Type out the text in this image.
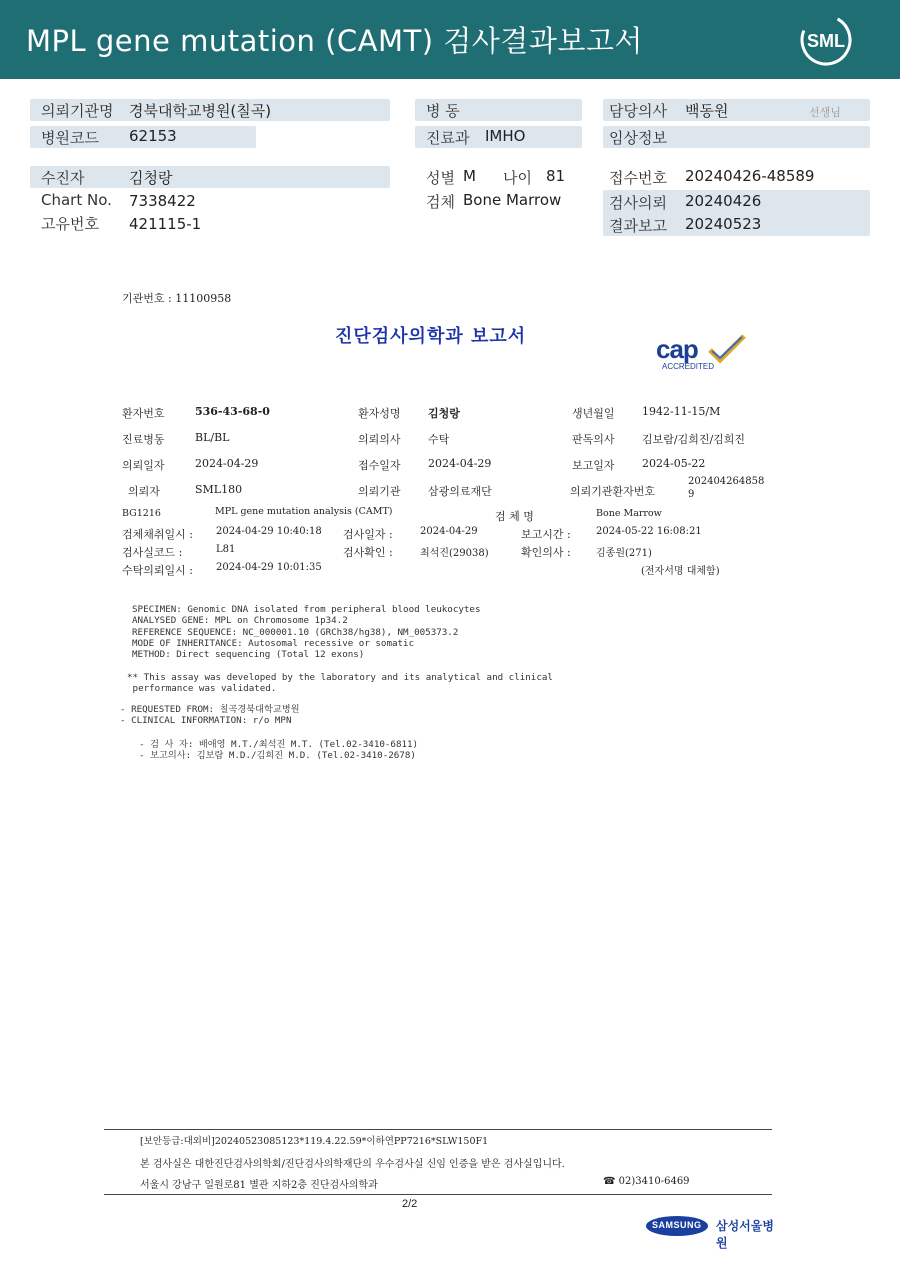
MPL gene mutation (CAMT) 검사결과보고서	SML
의뢰기관명 경북대학교병원(칠곡)	병 동	담당의사 백동원	선생님
병원코드 62153	진료과 IMHO	임상정보
수진자	김청랑	성별 M 나이 81	접수번호 20240426-48589
Chart No. 7338422	검체 Bone Marrow	검사의뢰 20240426
고유번호 421115-1	결과보고 20240523
기관번호 : 11100958
진단검사의학과 보고서	cap
ACCREDITED
환자번호	536-43-68-0	환자성명 김청랑	생년월일 1942-11-15/M
진료병동	BL/BL	의뢰의사 수탁	판독의사 김보람/김희진/김희진
의뢰일자	2024-04-29	접수일자 2024-04-29	보고일자 2024-05-22
의뢰자	SML180	의뢰기관 삼광의료재단	의뢰기관환자번호
202404264858
9
BG1216	MPL gene mutation analysis (CAMT)	검 체 명	Bone Marrow
검체채취일시 : 2024-04-29 10:40:18 검사일자 :	2024-04-29	보고시간 :	2024-05-22 16:08:21
검사실코드 :	L81	검사확인 :	최석진(29038)	확인의사 :	김종원(271)
수탁의뢰일시 : 2024-04-29 10:01:35	(전자서명 대체함)
SPECIMEN: Genomic DNA isolated from peripheral blood leukocytes
ANALYSED GENE: MPL on Chromosome 1p34.2
REFERENCE SEQUENCE: NC_000001.10 (GRCh38/hg38), NM_005373.2
MODE OF INHERITANCE: Autosomal recessive or somatic
METHOD: Direct sequencing (Total 12 exons)
** This assay was developed by the laboratory and its analytical and clinical
performance was validated.
- REQUESTED FROM: 칠곡경북대학교병원
- CLINICAL INFORMATION: r/o MPN
- 검 사 자: 배애영 M.T./최석진 M.T. (Tel.02-3410-6811)
- 보고의사: 김보람 M.D./김희진 M.D. (Tel.02-3410-2678)
[보안등급:대외비]20240523085123*119.4.22.59*이하연PP7216*SLW150F1
본 검사실은 대한진단검사의학회/진단검사의학재단의 우수검사실 신임 인증을 받은 검사실입니다.
서울시 강남구 일원로81 별관 지하2층 진단검사의학과	☎ 02)3410-6469
2/2
SAMSUNG 삼성서울병원
